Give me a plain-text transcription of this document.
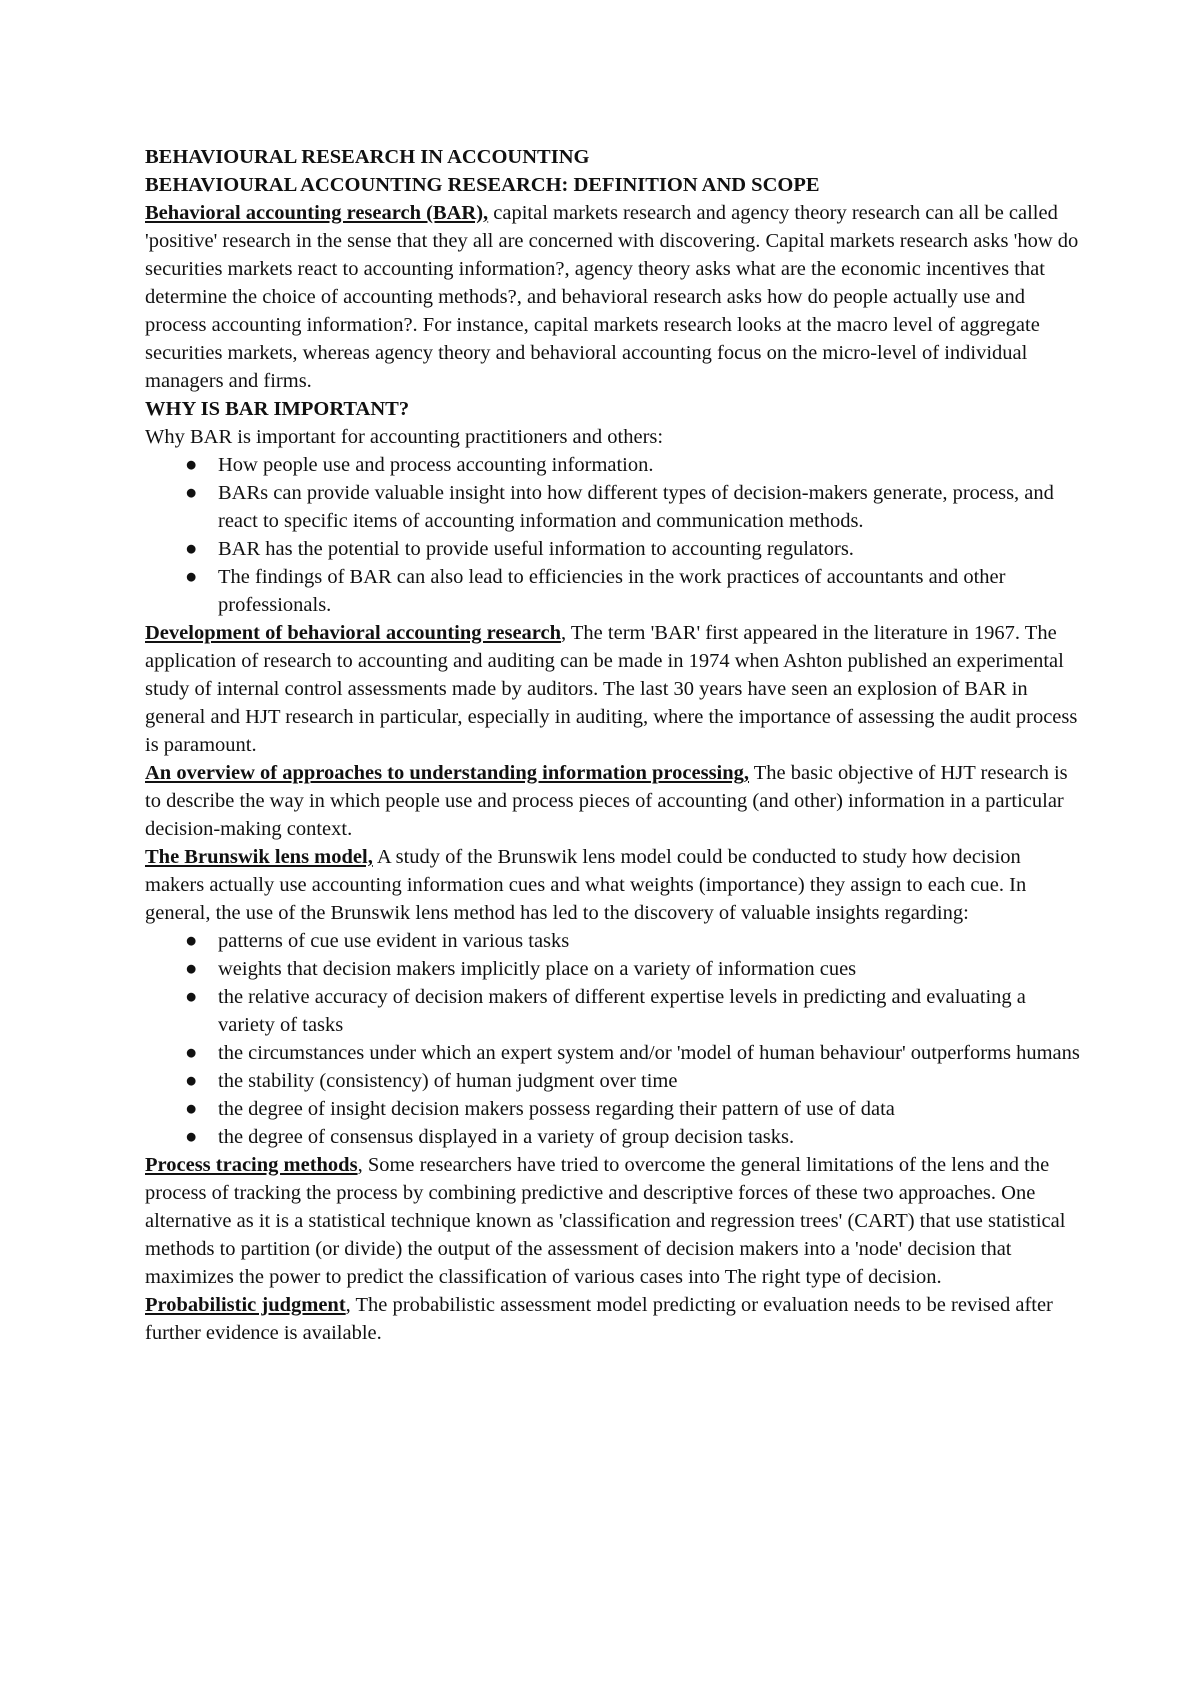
BEHAVIOURAL RESEARCH IN ACCOUNTING
BEHAVIOURAL ACCOUNTING RESEARCH: DEFINITION AND SCOPE

Behavioral accounting research (BAR), capital markets research and agency theory research can all be called 'positive' research in the sense that they all are concerned with discovering. Capital markets research asks 'how do securities markets react to accounting information?, agency theory asks what are the economic incentives that determine the choice of accounting methods?, and behavioral research asks how do people actually use and process accounting information?. For instance, capital markets research looks at the macro level of aggregate securities markets, whereas agency theory and behavioral accounting focus on the micro-level of individual managers and firms.

WHY IS BAR IMPORTANT?

Why BAR is important for accounting practitioners and others:

● How people use and process accounting information.
● BARs can provide valuable insight into how different types of decision-makers generate, process, and react to specific items of accounting information and communication methods.
● BAR has the potential to provide useful information to accounting regulators.
● The findings of BAR can also lead to efficiencies in the work practices of accountants and other professionals.

Development of behavioral accounting research, The term 'BAR' first appeared in the literature in 1967. The application of research to accounting and auditing can be made in 1974 when Ashton published an experimental study of internal control assessments made by auditors. The last 30 years have seen an explosion of BAR in general and HJT research in particular, especially in auditing, where the importance of assessing the audit process is paramount.

An overview of approaches to understanding information processing, The basic objective of HJT research is to describe the way in which people use and process pieces of accounting (and other) information in a particular decision-making context.

The Brunswik lens model, A study of the Brunswik lens model could be conducted to study how decision makers actually use accounting information cues and what weights (importance) they assign to each cue. In general, the use of the Brunswik lens method has led to the discovery of valuable insights regarding:

● patterns of cue use evident in various tasks
● weights that decision makers implicitly place on a variety of information cues
● the relative accuracy of decision makers of different expertise levels in predicting and evaluating a variety of tasks
● the circumstances under which an expert system and/or 'model of human behaviour' outperforms humans
● the stability (consistency) of human judgment over time
● the degree of insight decision makers possess regarding their pattern of use of data
● the degree of consensus displayed in a variety of group decision tasks.

Process tracing methods, Some researchers have tried to overcome the general limitations of the lens and the process of tracking the process by combining predictive and descriptive forces of these two approaches. One alternative as it is a statistical technique known as 'classification and regression trees' (CART) that use statistical methods to partition (or divide) the output of the assessment of decision makers into a 'node' decision that maximizes the power to predict the classification of various cases into The right type of decision.

Probabilistic judgment, The probabilistic assessment model predicting or evaluation needs to be revised after further evidence is available.
